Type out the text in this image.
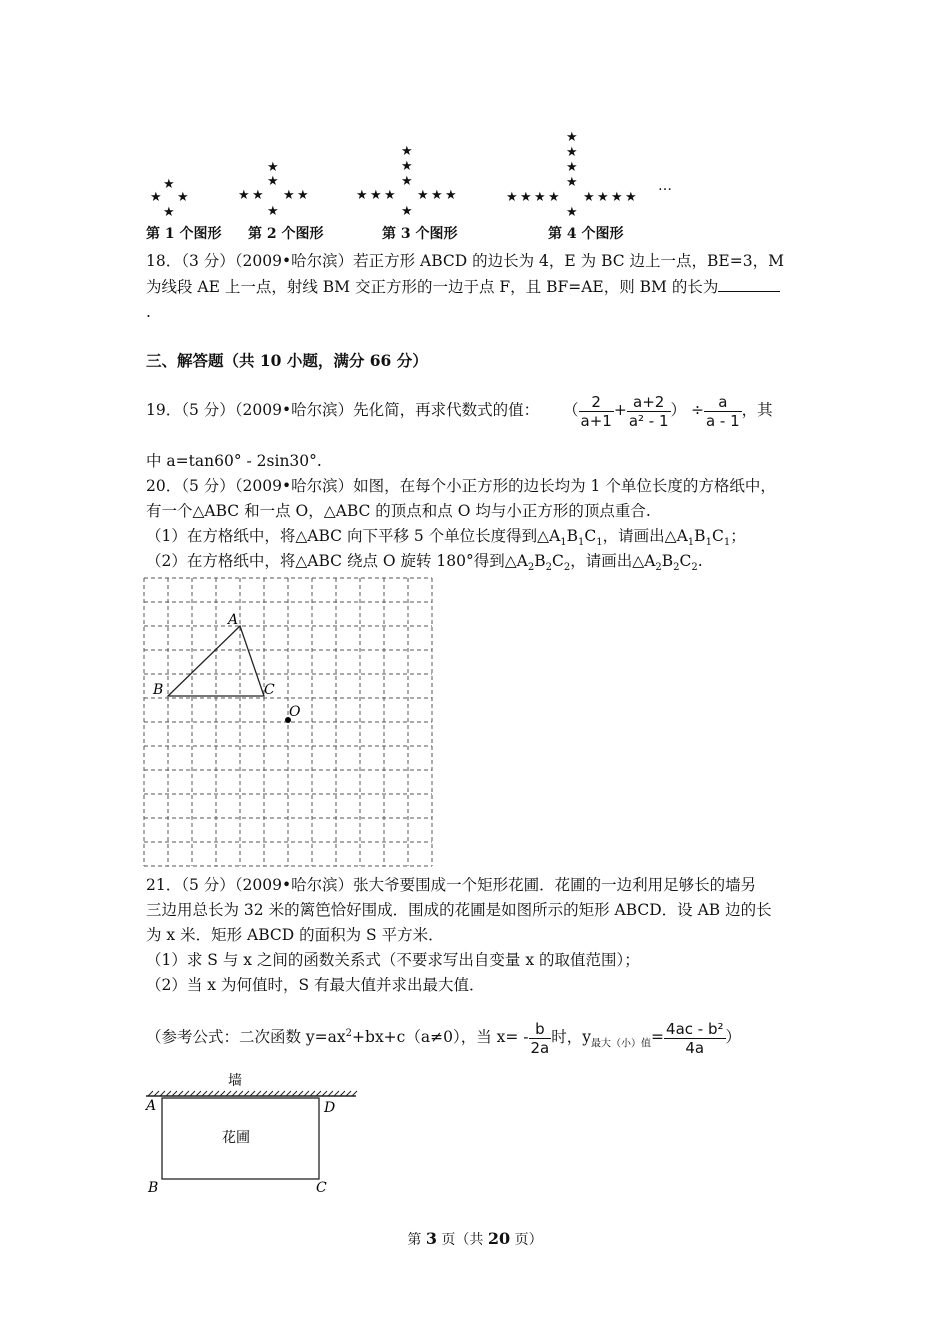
★
★ ★
★
★
★
★ ★ ★ ★
★
★
★
★
★ ★ ★ ★ ★ ★
★
★
★
★
★
★ ★ ★ ★ ★ ★ ★ ★
★
…
第 1 个图形 第 2 个图形	第 3 个图形	第 4 个图形
18．（3 分）（2009•哈尔滨）若正方形 ABCD 的边长为 4，E 为 BC 边上一点，BE=3，M
为线段 AE 上一点，射线 BM 交正方形的一边于点 F，且 BF=AE，则 BM 的长为
.
三、解答题（共 10 小题，满分 66 分）
19．（5 分）（2009•哈尔滨）先化简，再求代数式的值： （ $\frac{2}{a+1} + \frac{a+2}{\text{a² - 1}}$ ） ÷ $\frac{a}{a - 1}$ ，其
中 a=tan60° - 2sin30°.
20．（5 分）（2009•哈尔滨）如图，在每个小正方形的边长均为 1 个单位长度的方格纸中，
有一个△ABC 和一点 O，△ABC 的顶点和点 O 均与小正方形的顶点重合.
（1）在方格纸中，将△ABC 向下平移 5 个单位长度得到$\triangle A_1B_1C_1$，请画出$\triangle A_1B_1C_1$；
（2）在方格纸中，将△ABC 绕点 O 旋转 180°得到$\triangle A_2B_2C_2$，请画出$\triangle A_2B_2C_2$.
A
B	C
O
21．（5 分）（2009•哈尔滨）张大爷要围成一个矩形花圃．花圃的一边利用足够长的墙另
三边用总长为 32 米的篱笆恰好围成．围成的花圃是如图所示的矩形 ABCD．设 AB 边的长
为 x 米．矩形 ABCD 的面积为 S 平方米．
（1）求 S 与 x 之间的函数关系式（不要求写出自变量 x 的取值范围）；
（2）当 x 为何值时，S 有最大值并求出最大值．
（参考公式：二次函数 $y=ax^2+bx+c(a\ne 0)$，当 $x= - \frac{b}{2a}$ 时，$y_{最大(小)值}= \frac{\text{4ac - b²}}{4a}$ ）
墙
花圃
A	D
B	C
第 3 页（共 20 页）
